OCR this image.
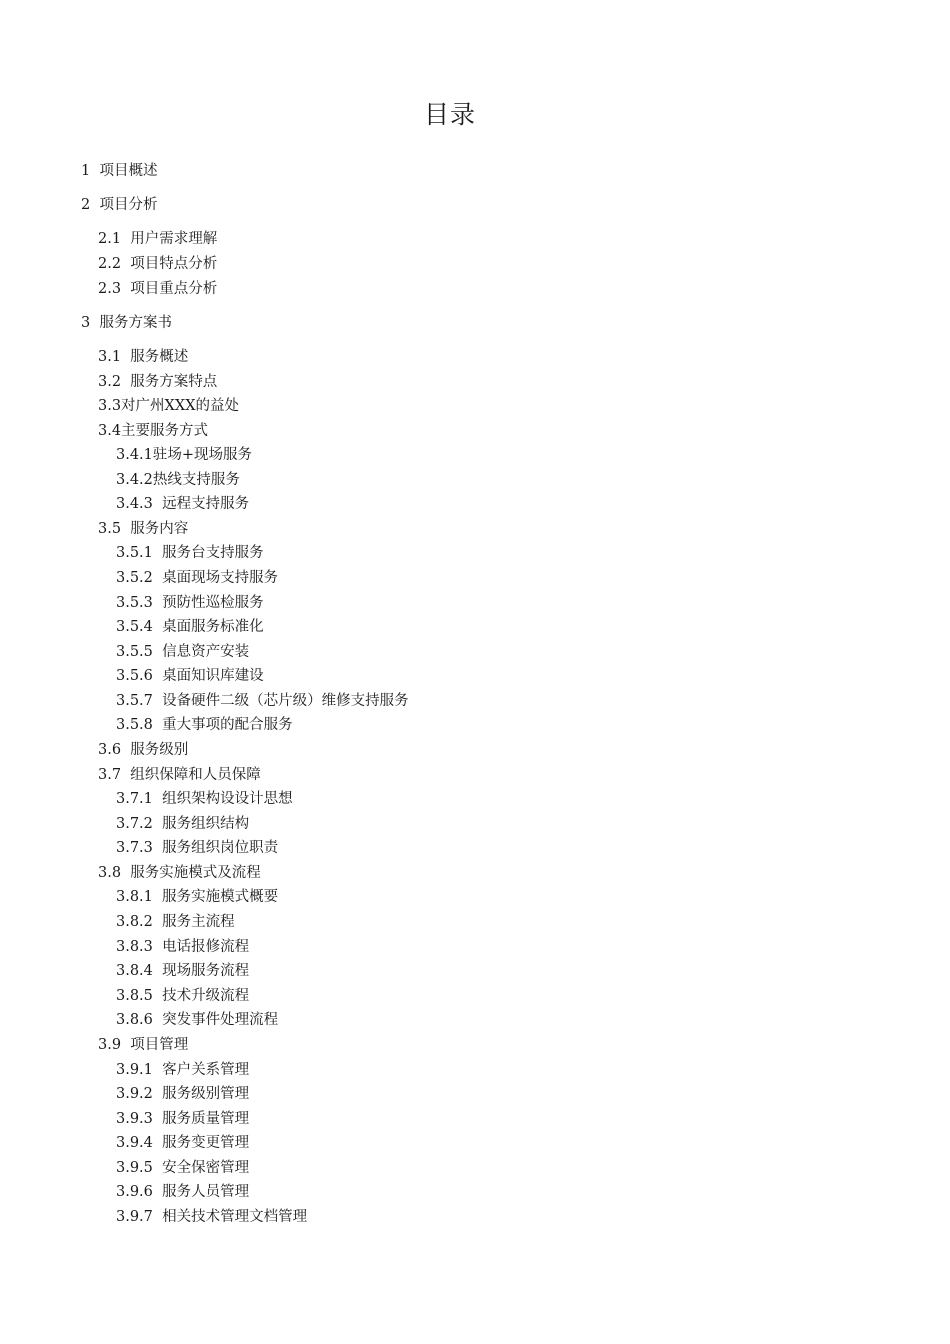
目录
1  项目概述
2  项目分析
2.1  用户需求理解
2.2  项目特点分析
2.3  项目重点分析
3  服务方案书
3.1  服务概述
3.2  服务方案特点
3.3对广州XXX的益处
3.4主要服务方式
3.4.1驻场+现场服务
3.4.2热线支持服务
3.4.3  远程支持服务
3.5  服务内容
3.5.1  服务台支持服务
3.5.2  桌面现场支持服务
3.5.3  预防性巡检服务
3.5.4  桌面服务标准化
3.5.5  信息资产安装
3.5.6  桌面知识库建设
3.5.7  设备硬件二级（芯片级）维修支持服务
3.5.8  重大事项的配合服务
3.6  服务级别
3.7  组织保障和人员保障
3.7.1  组织架构设设计思想
3.7.2  服务组织结构
3.7.3  服务组织岗位职责
3.8  服务实施模式及流程
3.8.1  服务实施模式概要
3.8.2  服务主流程
3.8.3  电话报修流程
3.8.4  现场服务流程
3.8.5  技术升级流程
3.8.6  突发事件处理流程
3.9  项目管理
3.9.1  客户关系管理
3.9.2  服务级别管理
3.9.3  服务质量管理
3.9.4  服务变更管理
3.9.5  安全保密管理
3.9.6  服务人员管理
3.9.7  相关技术管理文档管理
